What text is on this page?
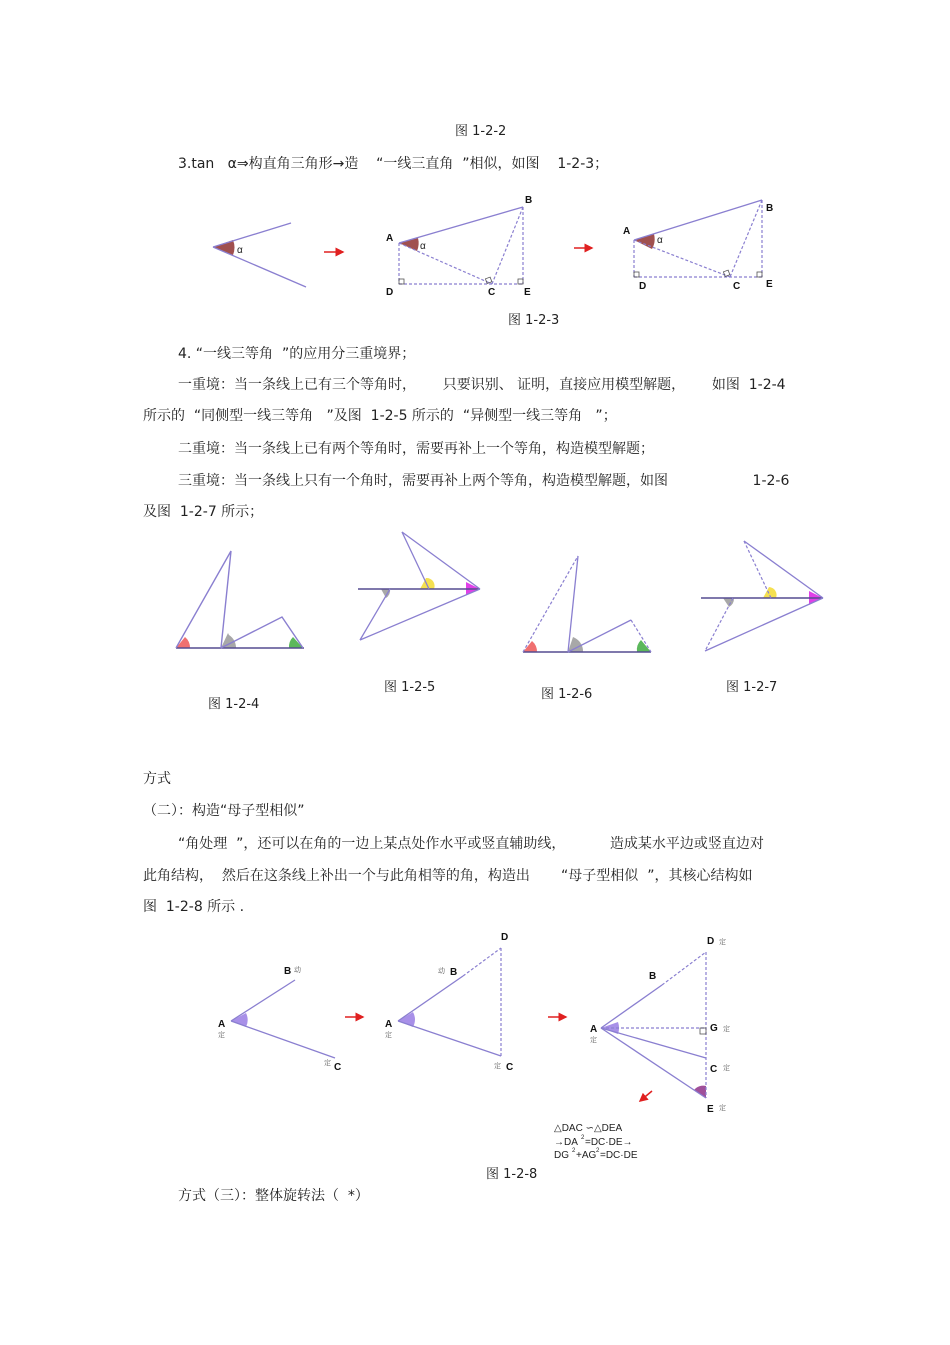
图 1-2-2
3.tan   α⇒构直角三角形→造    “一线三直角  ”相似，如图    1-2-3；
图 1-2-3
4. “一线三等角  ”的应用分三重境界；
一重境：当一条线上已有三个等角时，      只要识别、 证明，直接应用模型解题，      如图  1-2-4
所示的  “同侧型一线三等角   ”及图  1-2-5 所示的  “异侧型一线三等角   ”；
二重境：当一条线上已有两个等角时，需要再补上一个等角，构造模型解题；
三重境：当一条线上只有一个角时，需要再补上两个等角，构造模型解题，如图                   1-2-6
及图  1-2-7 所示；
图 1-2-5	图 1-2-6	图 1-2-7
图 1-2-4
方式
（二）：构造“母子型相似”
“角处理  ”，还可以在角的一边上某点处作水平或竖直辅助线，          造成某水平边或竖直边对
此角结构，  然后在这条线上补出一个与此角相等的角，构造出       “母子型相似  ”，其核心结构如
图  1-2-8 所示 .
图 1-2-8
方式（三）：整体旋转法（  *）
α	α
A
B
C
D	E
α
A
B
C
D	E
A
定
B 动
定 C
A
定
B
动
D
定 C
A
定
B
D 定
G 定
C 定
E 定
△DAC ∽△DEA
→DA 2 =DC·DE→
DG 2 +AG 2 =DC·DE
